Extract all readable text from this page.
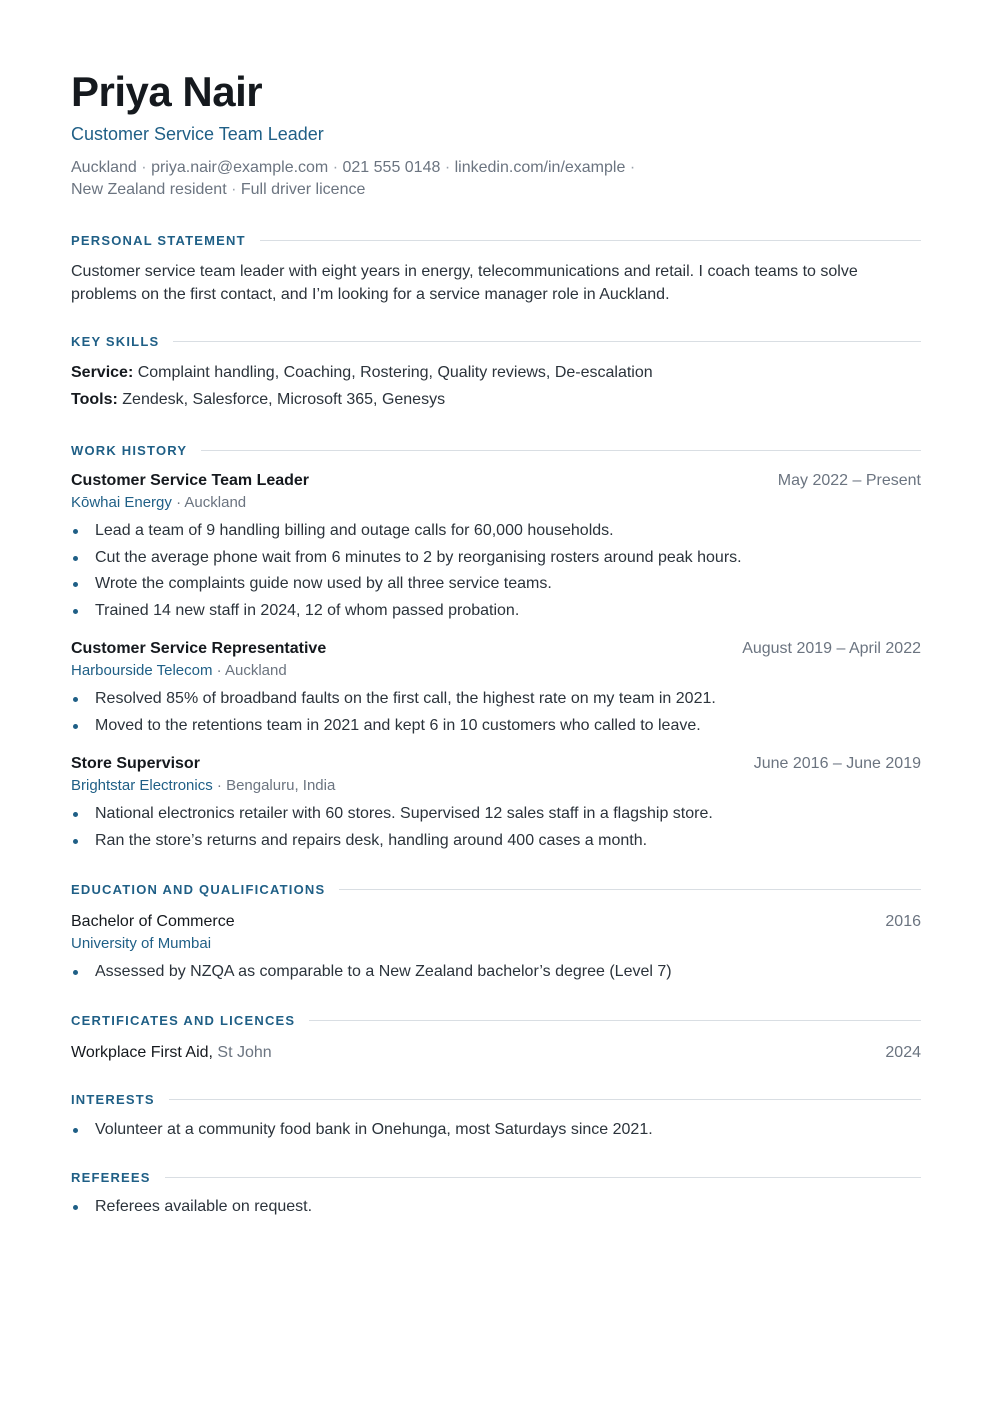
Priya Nair
Customer Service Team Leader
Auckland · priya.nair@example.com · 021 555 0148 · linkedin.com/in/example ·
New Zealand resident · Full driver licence
PERSONAL STATEMENT
Customer service team leader with eight years in energy, telecommunications and retail. I coach teams to solve problems on the first contact, and I’m looking for a service manager role in Auckland.
KEY SKILLS
Service: Complaint handling, Coaching, Rostering, Quality reviews, De-escalation
Tools: Zendesk, Salesforce, Microsoft 365, Genesys
WORK HISTORY
Customer Service Team Leader	May 2022 – Present
Kōwhai Energy · Auckland
Lead a team of 9 handling billing and outage calls for 60,000 households.
Cut the average phone wait from 6 minutes to 2 by reorganising rosters around peak hours.
Wrote the complaints guide now used by all three service teams.
Trained 14 new staff in 2024, 12 of whom passed probation.
Customer Service Representative	August 2019 – April 2022
Harbourside Telecom · Auckland
Resolved 85% of broadband faults on the first call, the highest rate on my team in 2021.
Moved to the retentions team in 2021 and kept 6 in 10 customers who called to leave.
Store Supervisor	June 2016 – June 2019
Brightstar Electronics · Bengaluru, India
National electronics retailer with 60 stores. Supervised 12 sales staff in a flagship store.
Ran the store’s returns and repairs desk, handling around 400 cases a month.
EDUCATION AND QUALIFICATIONS
Bachelor of Commerce	2016
University of Mumbai
Assessed by NZQA as comparable to a New Zealand bachelor’s degree (Level 7)
CERTIFICATES AND LICENCES
Workplace First Aid, St John	2024
INTERESTS
Volunteer at a community food bank in Onehunga, most Saturdays since 2021.
REFEREES
Referees available on request.
